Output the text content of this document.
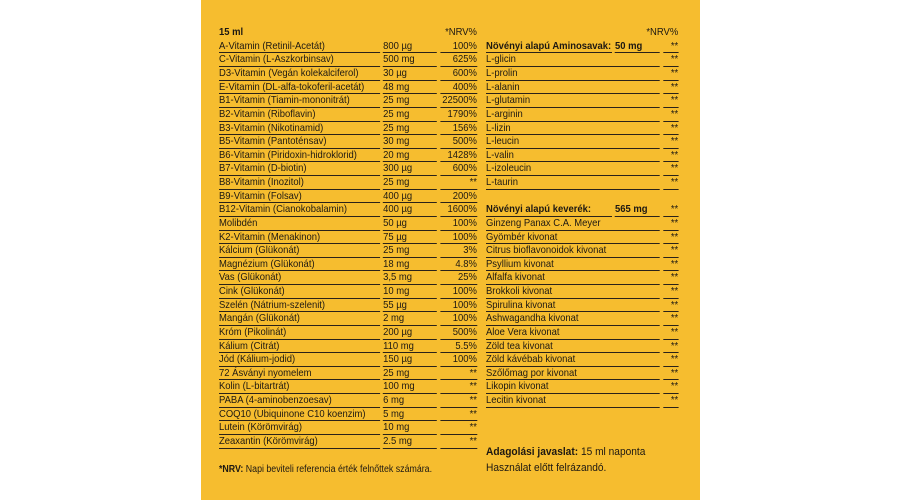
15 ml	*NRV%
A-Vitamin (Retinil-Acetát)	800 µg	100%
C-Vitamin (L-Aszkorbinsav)	500 mg	625%
D3-Vitamin (Vegán kolekalciferol)	30 µg	600%
E-Vitamin (DL-alfa-tokoferil-acetát)	48 mg	400%
B1-Vitamin (Tiamin-mononitrát)	25 mg	22500%
B2-Vitamin (Riboflavin)	25 mg	1790%
B3-Vitamin (Nikotinamid)	25 mg	156%
B5-Vitamin (Pantoténsav)	30 mg	500%
B6-Vitamin (Piridoxin-hidroklorid)	20 mg	1428%
B7-Vitamin (D-biotin)	300 µg	600%
B8-Vitamin (Inozitol)	25 mg	**
B9-Vitamin (Folsav)	400 µg	200%
B12-Vitamin (Cianokobalamin)	400 µg	1600%
Molibdén	50 µg	100%
K2-Vitamin (Menakinon)	75 µg	100%
Kálcium (Glükonát)	25 mg	3%
Magnézium (Glükonát)	18 mg	4.8%
Vas (Glükonát)	3,5 mg	25%
Cink (Glükonát)	10 mg	100%
Szelén (Nátrium-szelenit)	55 µg	100%
Mangán (Glükonát)	2 mg	100%
Króm (Pikolinát)	200 µg	500%
Kálium (Citrát)	110 mg	5.5%
Jód (Kálium-jodid)	150 µg	100%
72 Ásványi nyomelem	25 mg	**
Kolin (L-bitartrát)	100 mg	**
PABA (4-aminobenzoesav)	6 mg	**
COQ10 (Ubiquinone C10 koenzim)	5 mg	**
Lutein (Körömvirág)	10 mg	**
Zeaxantin (Körömvirág)	2.5 mg	**
*NRV%
Növényi alapú Aminosavak: 50 mg	**
L-glicin	**
L-prolin	**
L-alanin	**
L-glutamin	**
L-arginin	**
L-lizin	**
L-leucin	**
L-valin	**
L-izoleucin	**
L-taurin	**
Növényi alapú keverék:	565 mg	**
Ginzeng Panax C.A. Meyer	**
Gyömbér kivonat	**
Citrus bioflavonoidok kivonat	**
Psyllium kivonat	**
Alfalfa kivonat	**
Brokkoli kivonat	**
Spirulina kivonat	**
Ashwagandha kivonat	**
Aloe Vera kivonat	**
Zöld tea kivonat	**
Zöld kávébab kivonat	**
Szőlőmag por kivonat	**
Likopin kivonat	**
Lecitin kivonat	**
*NRV: Napi beviteli referencia érték felnőttek számára.
Adagolási javaslat: 15 ml naponta
Használat előtt felrázandó.
